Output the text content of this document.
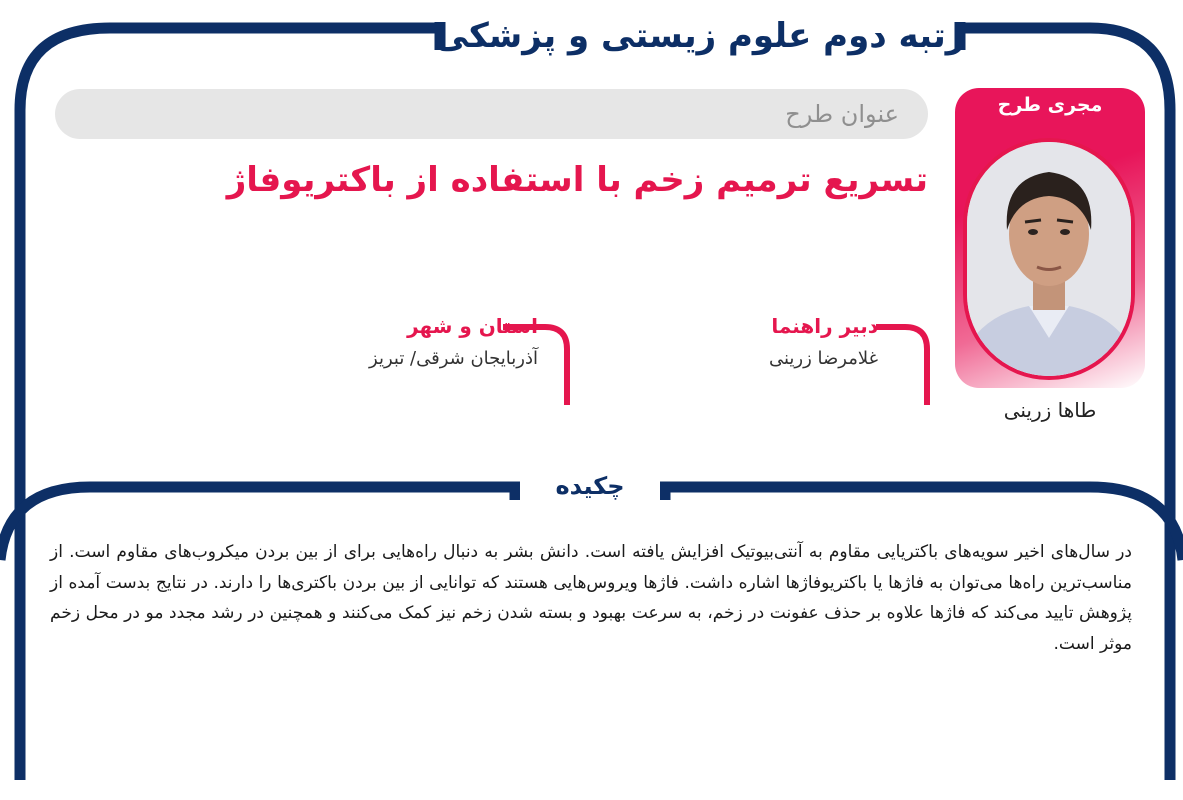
رتبه دوم علوم زیستی و پزشکی
عنوان طرح
تسریع ترمیم زخم با استفاده از باکتریوفاژ
دبیر راهنما
غلامرضا زرینی
استان و شهر
آذربایجان شرقی/ تبریز
مجری طرح
طاها زرینی
چکیده
در سال‌های اخیر سویه‌های باکتریایی مقاوم به آنتی‌بیوتیک افزایش یافته است. دانش بشر به دنبال راه‌هایی برای از بین بردن میکروب‌های مقاوم است. از مناسب‌ترین راه‌ها می‌توان به فاژها یا باکتریوفاژها اشاره داشت. فاژها ویروس‌هایی هستند که توانایی از بین بردن باکتری‌ها را دارند. در نتایج بدست آمده از پژوهش تایید می‌کند که فاژها علاوه بر حذف عفونت در زخم، به سرعت بهبود و بسته شدن زخم نیز کمک می‌کنند و همچنین در رشد مجدد مو در محل زخم موثر است.
